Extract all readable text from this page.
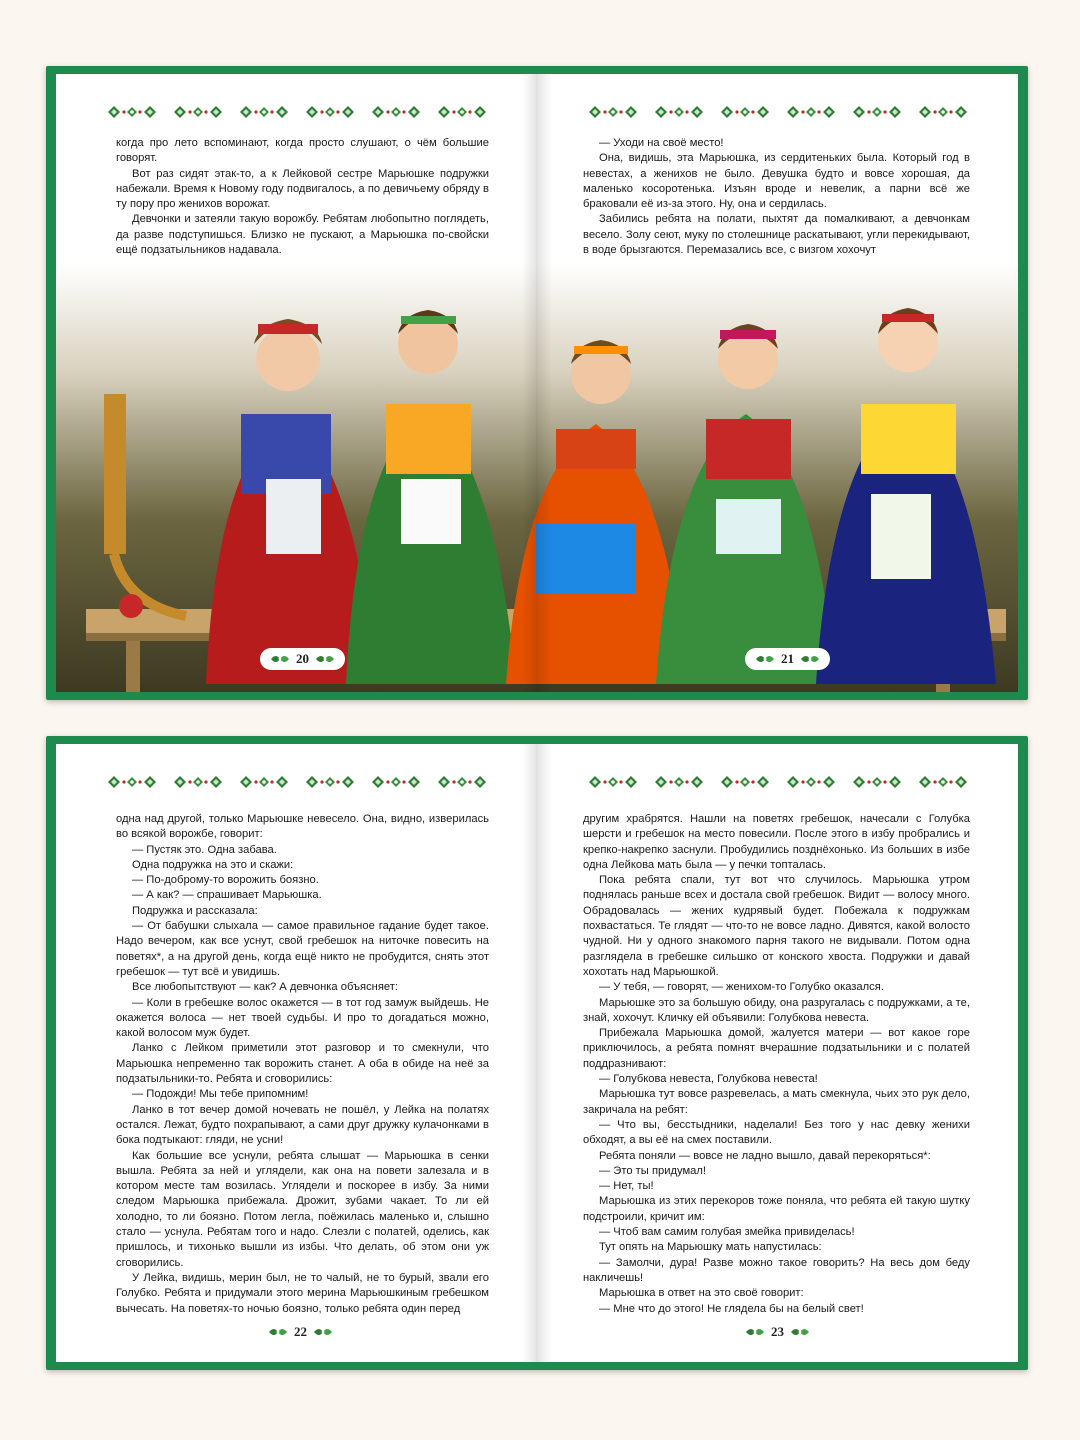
когда про лето вспоминают, когда просто слушают, о чём большие говорят.

Вот раз сидят этак-то, а к Лейковой сестре Марьюшке подружки набежали. Время к Новому году подвигалось, а по девичьему обряду в ту пору про женихов ворожат.

Девчонки и затеяли такую ворожбу. Ребятам любопытно поглядеть, да разве подступишься. Близко не пускают, а Марьюшка по-свойски ещё подзатыльников надавала.

20

— Уходи на своё место!

Она, видишь, эта Марьюшка, из сердитеньких была. Который год в невестах, а женихов не было. Девушка будто и вовсе хорошая, да маленько косоротенька. Изъян вроде и невелик, а парни всё же браковали её из-за этого. Ну, она и сердилась.

Забились ребята на полати, пыхтят да помалкивают, а девчонкам весело. Золу сеют, муку по столешнице раскатывают, угли перекидывают, в воде брызгаются. Перемазались все, с визгом хохочут

21

одна над другой, только Марьюшке невесело. Она, видно, изверилась во всякой ворожбе, говорит:

— Пустяк это. Одна забава.

Одна подружка на это и скажи:

— По-доброму-то ворожить боязно.

— А как? — спрашивает Марьюшка.

Подружка и рассказала:

— От бабушки слыхала — самое правильное гадание будет такое. Надо вечером, как все уснут, свой гребешок на ниточке повесить на поветях*, а на другой день, когда ещё никто не пробудится, снять этот гребешок — тут всё и увидишь.

Все любопытствуют — как? А девчонка объясняет:

— Коли в гребешке волос окажется — в тот год замуж выйдешь. Не окажется волоса — нет твоей судьбы. И про то догадаться можно, какой волосом муж будет.

Ланко с Лейком приметили этот разговор и то смекнули, что Марьюшка непременно так ворожить станет. А оба в обиде на неё за подзатыльники-то. Ребята и сговорились:

— Подожди! Мы тебе припомним!

Ланко в тот вечер домой ночевать не пошёл, у Лейка на полатях остался. Лежат, будто похрапывают, а сами друг дружку кулачонками в бока подтыкают: гляди, не усни!

Как большие все уснули, ребята слышат — Марьюшка в сенки вышла. Ребята за ней и углядели, как она на повети залезала и в котором месте там возилась. Углядели и поскорее в избу. За ними следом Марьюшка прибежала. Дрожит, зубами чакает. То ли ей холодно, то ли боязно. Потом легла, поёжилась маленько и, слышно стало — уснула. Ребятам того и надо. Слезли с полатей, оделись, как пришлось, и тихонько вышли из избы. Что делать, об этом они уж сговорились.

У Лейка, видишь, мерин был, не то чалый, не то бурый, звали его Голубко. Ребята и придумали этого мерина Марьюшкиным гребешком вычесать. На поветях-то ночью боязно, только ребята один перед

22

другим храбрятся. Нашли на поветях гребешок, начесали с Голубка шерсти и гребешок на место повесили. После этого в избу пробрались и крепко-накрепко заснули. Пробудились позднёхонько. Из больших в избе одна Лейкова мать была — у печки топталась.

Пока ребята спали, тут вот что случилось. Марьюшка утром поднялась раньше всех и достала свой гребешок. Видит — волосу много. Обрадовалась — жених кудрявый будет. Побежала к подружкам похвастаться. Те глядят — что-то не вовсе ладно. Дивятся, какой волосто чудной. Ни у одного знакомого парня такого не видывали. Потом одна разглядела в гребешке сильшко от конского хвоста. Подружки и давай хохотать над Марьюшкой.

— У тебя, — говорят, — женихом-то Голубко оказался.

Марьюшке это за большую обиду, она разругалась с подружками, а те, знай, хохочут. Кличку ей объявили: Голубкова невеста.

Прибежала Марьюшка домой, жалуется матери — вот какое горе приключилось, а ребята помнят вчерашние подзатыльники и с полатей поддразнивают:

— Голубкова невеста, Голубкова невеста!

Марьюшка тут вовсе разревелась, а мать смекнула, чьих это рук дело, закричала на ребят:

— Что вы, бесстыдники, наделали! Без того у нас девку женихи обходят, а вы её на смех поставили.

Ребята поняли — вовсе не ладно вышло, давай перекоряться*:

— Это ты придумал!

— Нет, ты!

Марьюшка из этих перекоров тоже поняла, что ребята ей такую шутку подстроили, кричит им:

— Чтоб вам самим голубая змейка привиделась!

Тут опять на Марьюшку мать напустилась:

— Замолчи, дура! Разве можно такое говорить? На весь дом беду накличешь!

Марьюшка в ответ на это своё говорит:

— Мне что до этого! Не глядела бы на белый свет!

23
